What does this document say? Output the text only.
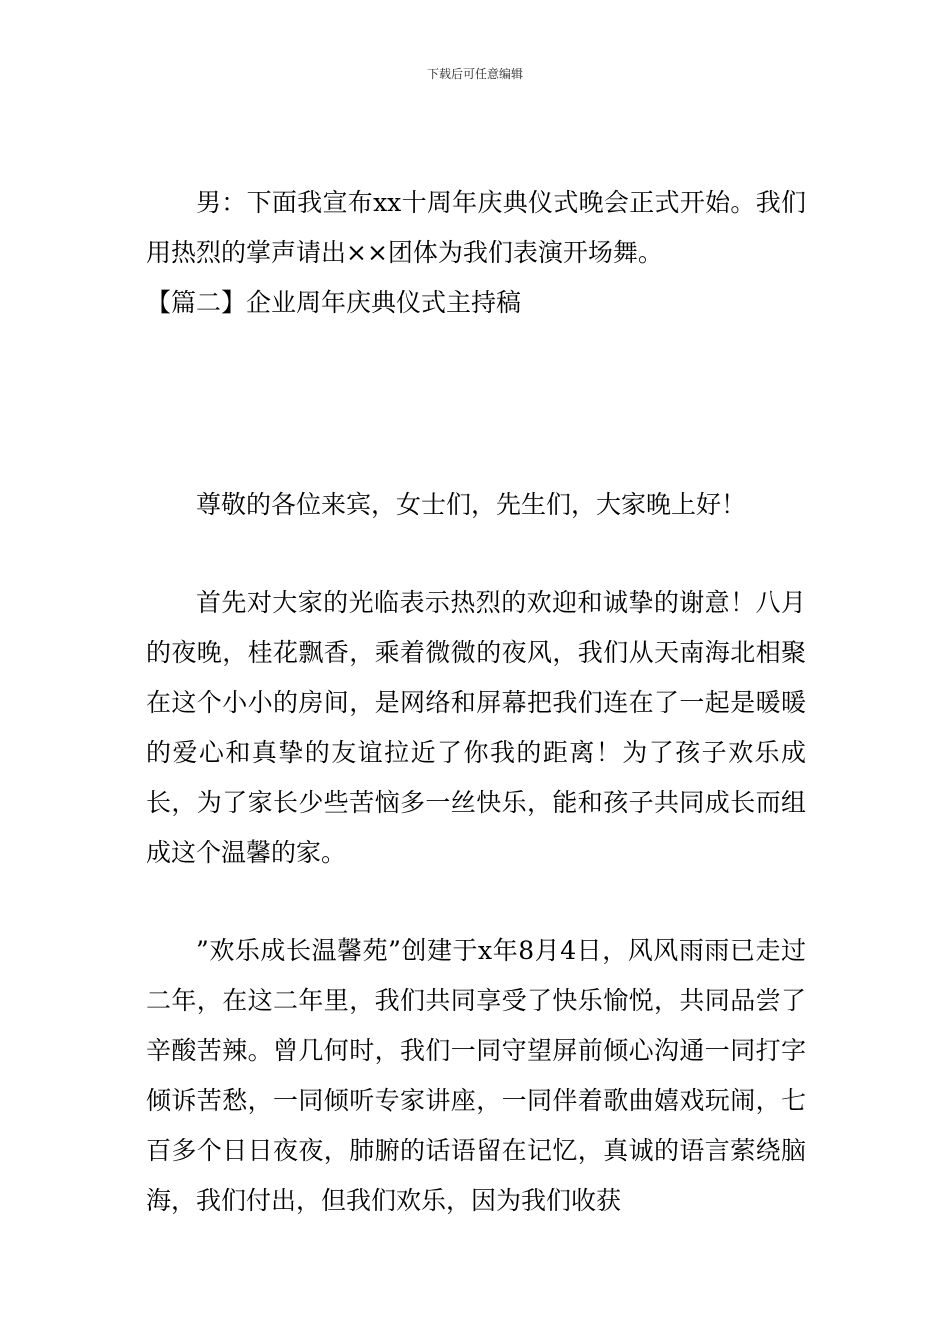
下载后可任意编辑

男：下面我宣布xx十周年庆典仪式晚会正式开始。我们用热烈的掌声请出××团体为我们表演开场舞。

【篇二】企业周年庆典仪式主持稿

尊敬的各位来宾，女士们，先生们，大家晚上好！

首先对大家的光临表示热烈的欢迎和诚挚的谢意！八月的夜晚，桂花飘香，乘着微微的夜风，我们从天南海北相聚在这个小小的房间，是网络和屏幕把我们连在了一起是暖暖的爱心和真挚的友谊拉近了你我的距离！为了孩子欢乐成长，为了家长少些苦恼多一丝快乐，能和孩子共同成长而组成这个温馨的家。

”欢乐成长温馨苑”创建于x年8月4日，风风雨雨已走过二年，在这二年里，我们共同享受了快乐愉悦，共同品尝了辛酸苦辣。曾几何时，我们一同守望屏前倾心沟通一同打字倾诉苦愁，一同倾听专家讲座，一同伴着歌曲嬉戏玩闹，七百多个日日夜夜，肺腑的话语留在记忆，真诚的语言萦绕脑海，我们付出，但我们欢乐，因为我们收获
